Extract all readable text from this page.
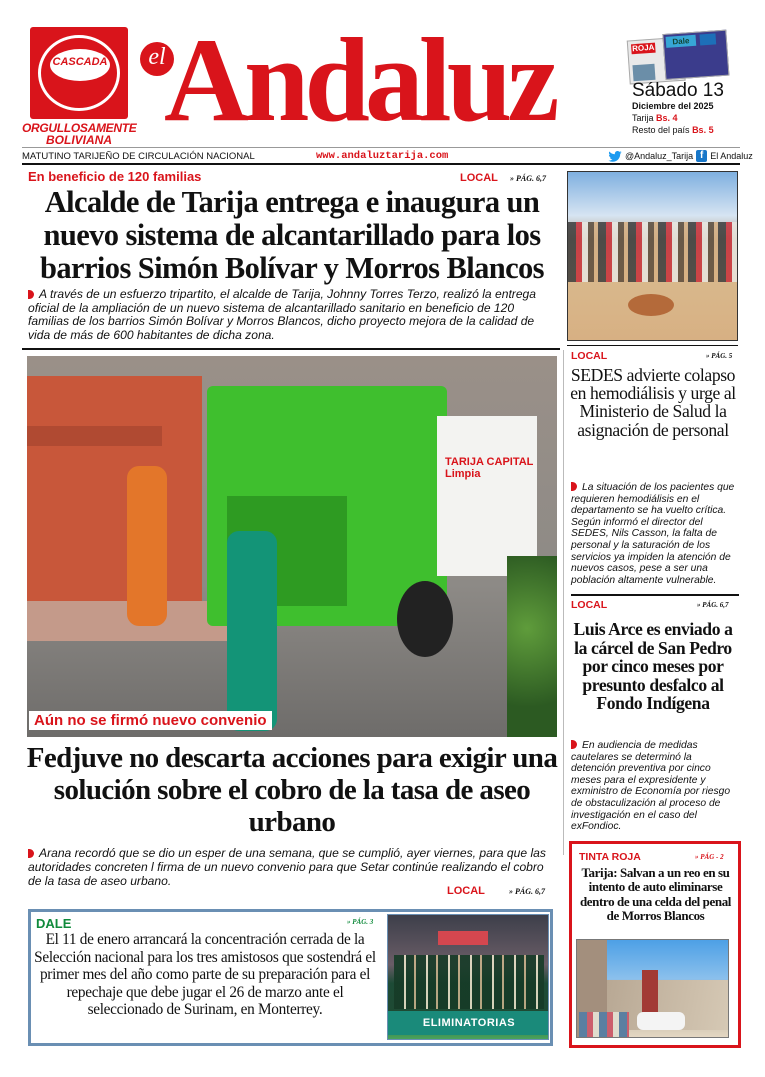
CASCADA
ORGULLOSAMENTE
BOLIVIANA
el
Andaluz	ROJA
Dale
Sábado 13
Diciembre del 2025
Tarija Bs. 4
Resto del país Bs. 5
MATUTINO TARIJEÑO DE CIRCULACIÓN NACIONAL	www.andaluztarija.com	@Andaluz_Tarija f El Andaluz
En beneficio de 120 familias	LOCAL » PÁG. 6,7
Alcalde de Tarija entrega e inaugura un nuevo sistema de alcantarillado para los barrios Simón Bolívar y Morros Blancos
A través de un esfuerzo tripartito, el alcalde de Tarija, Johnny Torres Terzo, realizó la entrega oficial de la ampliación de un nuevo sistema de alcantarillado sanitario en beneficio de 120 familias de los barrios Simón Bolívar y Morros Blancos, dicho proyecto mejora de la calidad de vida de más de 600 habitantes de dicha zona.
TARIJA CAPITAL Limpia
Aún no se firmó nuevo convenio
Fedjuve no descarta acciones para exigir una solución sobre el cobro de la tasa de aseo urbano
Arana recordó que se dio un esper de una semana, que se cumplió, ayer viernes, para que las autoridades concreten l firma de un nuevo convenio para que Setar continúe realizando el cobro de la tasa de aseo urbano.
LOCAL	» PÁG. 6,7
DALE	» PÁG. 3
El 11 de enero arrancará la concentración cerrada de la Selección nacional para los tres amistosos que sostendrá el primer mes del año como parte de su preparación para el repechaje que debe jugar el 26 de marzo ante el seleccionado de Surinam, en Monterrey.
ELIMINATORIAS
LOCAL	» PÁG. 5
SEDES advierte colapso en hemodiálisis y urge al Ministerio de Salud la asignación de personal
La situación de los pacientes que requieren hemodiálisis en el departamento se ha vuelto crítica. Según informó el director del SEDES, Nils Casson, la falta de personal y la saturación de los servicios ya impiden la atención de nuevos casos, pese a ser una población altamente vulnerable.
LOCAL	» PÁG. 6,7
Luis Arce es enviado a la cárcel de San Pedro por cinco meses por presunto desfalco al Fondo Indígena
En audiencia de medidas cautelares se determinó la detención preventiva por cinco meses para el expresidente y exministro de Economía por riesgo de obstaculización al proceso de investigación en el caso del exFondioc.
TINTA ROJA	» PÁG - 2
Tarija: Salvan a un reo en su intento de auto eliminarse dentro de una celda del penal de Morros Blancos
